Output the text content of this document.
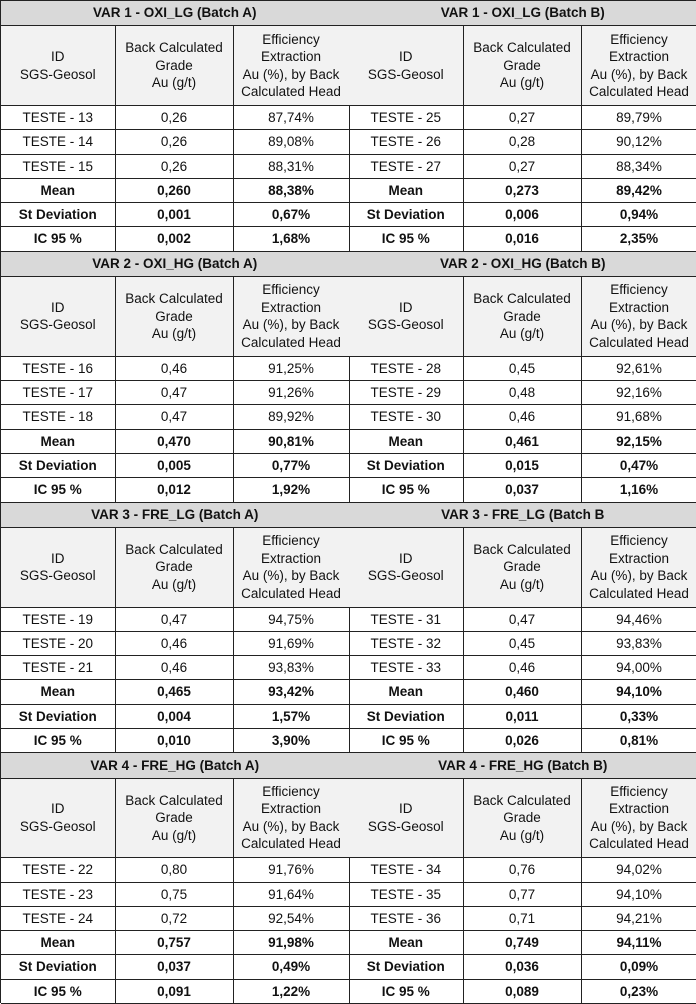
VAR 1 - OXI_LG (Batch A)		
ID
SGS-Geosol	Back Calculated
Grade
Au (g/t)	Efficiency
Extraction
Au (%), by Back
Calculated Head
TESTE - 13	0,26	87,74%
TESTE - 14	0,26	89,08%
TESTE - 15	0,26	88,31%
Mean	0,260	88,38%
St Deviation	0,001	0,67%
IC 95 %	0,002	1,68%
VAR 1 - OXI_LG (Batch B)		
ID
SGS-Geosol	Back Calculated
Grade
Au (g/t)	Efficiency
Extraction
Au (%), by Back
Calculated Head
TESTE - 25	0,27	89,79%
TESTE - 26	0,28	90,12%
TESTE - 27	0,27	88,34%
Mean	0,273	89,42%
St Deviation	0,006	0,94%
IC 95 %	0,016	2,35%
VAR 2 - OXI_HG (Batch A)		
ID
SGS-Geosol	Back Calculated
Grade
Au (g/t)	Efficiency
Extraction
Au (%), by Back
Calculated Head
TESTE - 16	0,46	91,25%
TESTE - 17	0,47	91,26%
TESTE - 18	0,47	89,92%
Mean	0,470	90,81%
St Deviation	0,005	0,77%
IC 95 %	0,012	1,92%
VAR 2 - OXI_HG (Batch B)		
ID
SGS-Geosol	Back Calculated
Grade
Au (g/t)	Efficiency
Extraction
Au (%), by Back
Calculated Head
TESTE - 28	0,45	92,61%
TESTE - 29	0,48	92,16%
TESTE - 30	0,46	91,68%
Mean	0,461	92,15%
St Deviation	0,015	0,47%
IC 95 %	0,037	1,16%
VAR 3 - FRE_LG (Batch A)		
ID
SGS-Geosol	Back Calculated
Grade
Au (g/t)	Efficiency
Extraction
Au (%), by Back
Calculated Head
TESTE - 19	0,47	94,75%
TESTE - 20	0,46	91,69%
TESTE - 21	0,46	93,83%
Mean	0,465	93,42%
St Deviation	0,004	1,57%
IC 95 %	0,010	3,90%
VAR 3 - FRE_LG (Batch B		
ID
SGS-Geosol	Back Calculated
Grade
Au (g/t)	Efficiency
Extraction
Au (%), by Back
Calculated Head
TESTE - 31	0,47	94,46%
TESTE - 32	0,45	93,83%
TESTE - 33	0,46	94,00%
Mean	0,460	94,10%
St Deviation	0,011	0,33%
IC 95 %	0,026	0,81%
VAR 4 - FRE_HG (Batch A)		
ID
SGS-Geosol	Back Calculated
Grade
Au (g/t)	Efficiency
Extraction
Au (%), by Back
Calculated Head
TESTE - 22	0,80	91,76%
TESTE - 23	0,75	91,64%
TESTE - 24	0,72	92,54%
Mean	0,757	91,98%
St Deviation	0,037	0,49%
IC 95 %	0,091	1,22%
VAR 4 - FRE_HG (Batch B)		
ID
SGS-Geosol	Back Calculated
Grade
Au (g/t)	Efficiency
Extraction
Au (%), by Back
Calculated Head
TESTE - 34	0,76	94,02%
TESTE - 35	0,77	94,10%
TESTE - 36	0,71	94,21%
Mean	0,749	94,11%
St Deviation	0,036	0,09%
IC 95 %	0,089	0,23%
